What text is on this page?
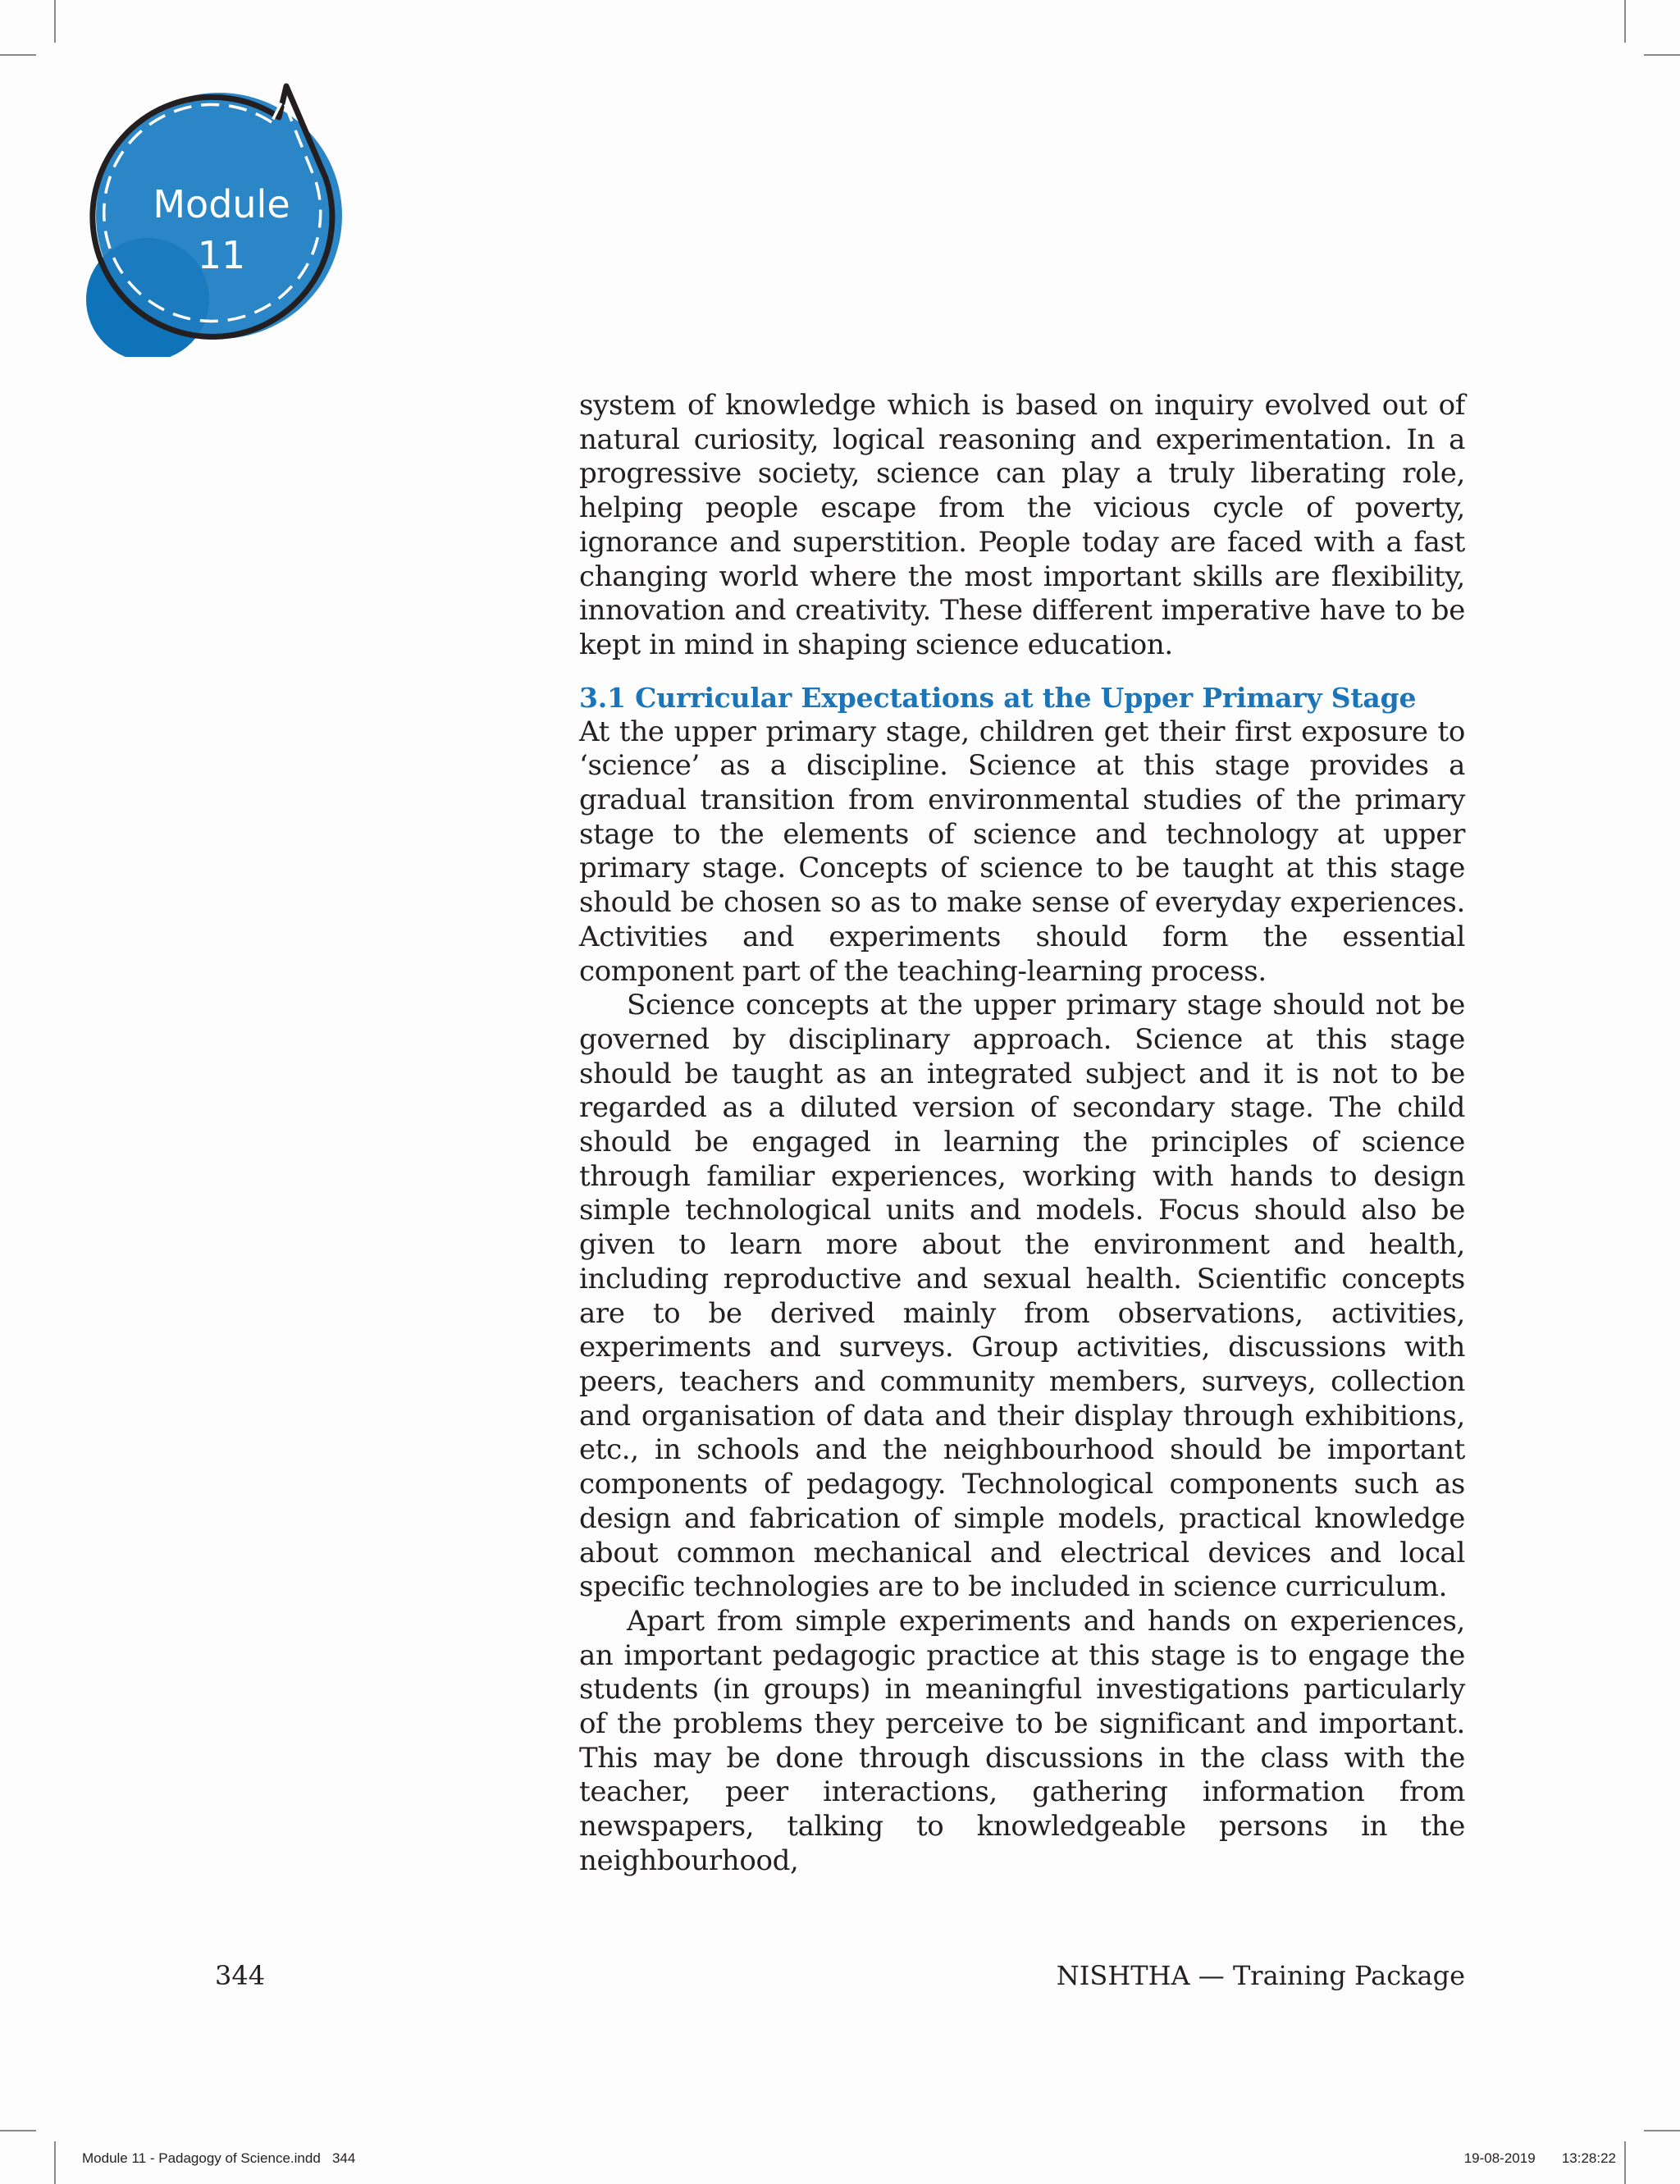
Module
11

system of knowledge which is based on inquiry evolved out of natural curiosity, logical reasoning and experimentation. In a progressive society, science can play a truly liberating role, helping people escape from the vicious cycle of poverty, ignorance and superstition. People today are faced with a fast changing world where the most important skills are flexibility, innovation and creativity. These different imperative have to be kept in mind in shaping science education.

3.1 Curricular Expectations at the Upper Primary Stage

At the upper primary stage, children get their first exposure to ‘science’ as a discipline. Science at this stage provides a gradual transition from environmental studies of the primary stage to the elements of science and technology at upper primary stage. Concepts of science to be taught at this stage should be chosen so as to make sense of everyday experiences. Activities and experiments should form the essential component part of the teaching-learning process.

Science concepts at the upper primary stage should not be governed by disciplinary approach. Science at this stage should be taught as an integrated subject and it is not to be regarded as a diluted version of secondary stage. The child should be engaged in learning the principles of science through familiar experiences, working with hands to design simple technological units and models. Focus should also be given to learn more about the environment and health, including reproductive and sexual health. Scientific concepts are to be derived mainly from observations, activities, experiments and surveys. Group activities, discussions with peers, teachers and community members, surveys, collection and organisation of data and their display through exhibitions, etc., in schools and the neighbourhood should be important components of pedagogy. Technological components such as design and fabrication of simple models, practical knowledge about common mechanical and electrical devices and local specific technologies are to be included in science curriculum.

Apart from simple experiments and hands on experiences, an important pedagogic practice at this stage is to engage the students (in groups) in meaningful investigations particularly of the problems they perceive to be significant and important. This may be done through discussions in the class with the teacher, peer interactions, gathering information from newspapers, talking to knowledgeable persons in the neighbourhood,

344	NISHTHA — Training Package
Module 11 - Padagogy of Science.indd   344	19-08-2019   13:28:22
